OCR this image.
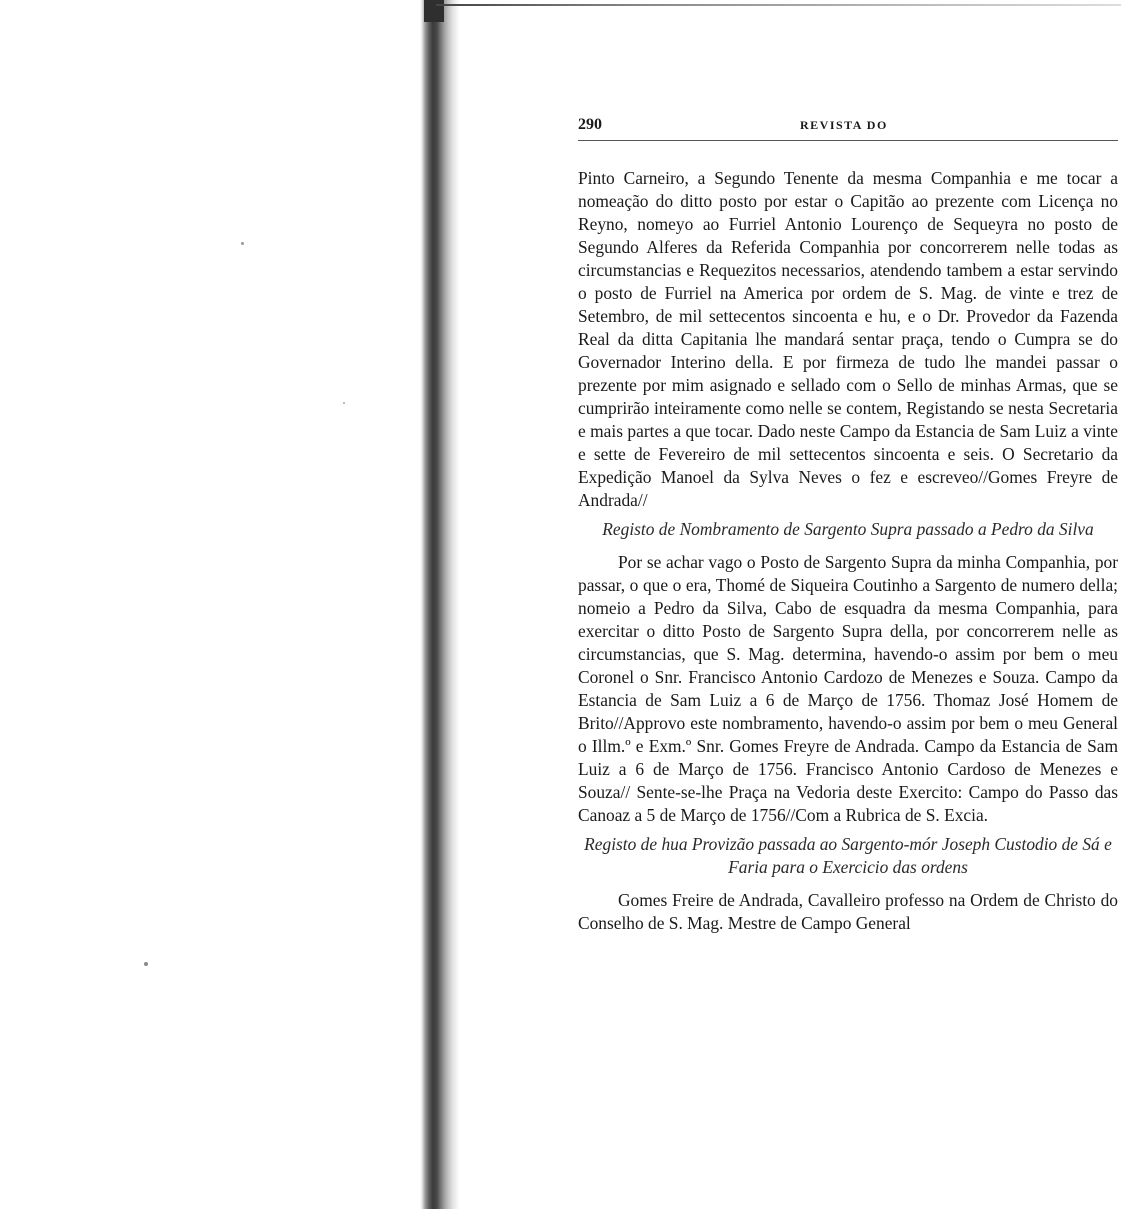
290	REVISTA DO

Pinto Carneiro, a Segundo Tenente da mesma Companhia e me tocar a nomeação do ditto posto por estar o Capitão ao prezente com Licença no Reyno, nomeyo ao Furriel Antonio Lourenço de Sequeyra no posto de Segundo Alferes da Referida Companhia por concorrerem nelle todas as circumstancias e Requezitos necessarios, atendendo tambem a estar servindo o posto de Furriel na America por ordem de S. Mag. de vinte e trez de Setembro, de mil settecentos sincoenta e hu, e o Dr. Provedor da Fazenda Real da ditta Capitania lhe mandará sentar praça, tendo o Cumpra se do Governador Interino della. E por firmeza de tudo lhe mandei passar o prezente por mim asignado e sellado com o Sello de minhas Armas, que se cumprirão inteiramente como nelle se contem, Registando se nesta Secretaria e mais partes a que tocar. Dado neste Campo da Estancia de Sam Luiz a vinte e sette de Fevereiro de mil settecentos sincoenta e seis. O Secretario da Expedição Manoel da Sylva Neves o fez e escreveo//Gomes Freyre de Andrada//

Registo de Nombramento de Sargento Supra passado a Pedro da Silva

Por se achar vago o Posto de Sargento Supra da minha Companhia, por passar, o que o era, Thomé de Siqueira Coutinho a Sargento de numero della; nomeio a Pedro da Silva, Cabo de esquadra da mesma Companhia, para exercitar o ditto Posto de Sargento Supra della, por concorrerem nelle as circumstancias, que S. Mag. determina, havendo-o assim por bem o meu Coronel o Snr. Francisco Antonio Cardozo de Menezes e Souza. Campo da Estancia de Sam Luiz a 6 de Março de 1756. Thomaz José Homem de Brito//Approvo este nombramento, havendo-o assim por bem o meu General o Illm.º e Exm.º Snr. Gomes Freyre de Andrada. Campo da Estancia de Sam Luiz a 6 de Março de 1756. Francisco Antonio Cardoso de Menezes e Souza// Sente-se-lhe Praça na Vedoria deste Exercito: Campo do Passo das Canoaz a 5 de Março de 1756//Com a Rubrica de S. Excia.

Registo de hua Provizão passada ao Sargento-mór Joseph Custodio de Sá e Faria para o Exercicio das ordens

Gomes Freire de Andrada, Cavalleiro professo na Ordem de Christo do Conselho de S. Mag. Mestre de Campo General
